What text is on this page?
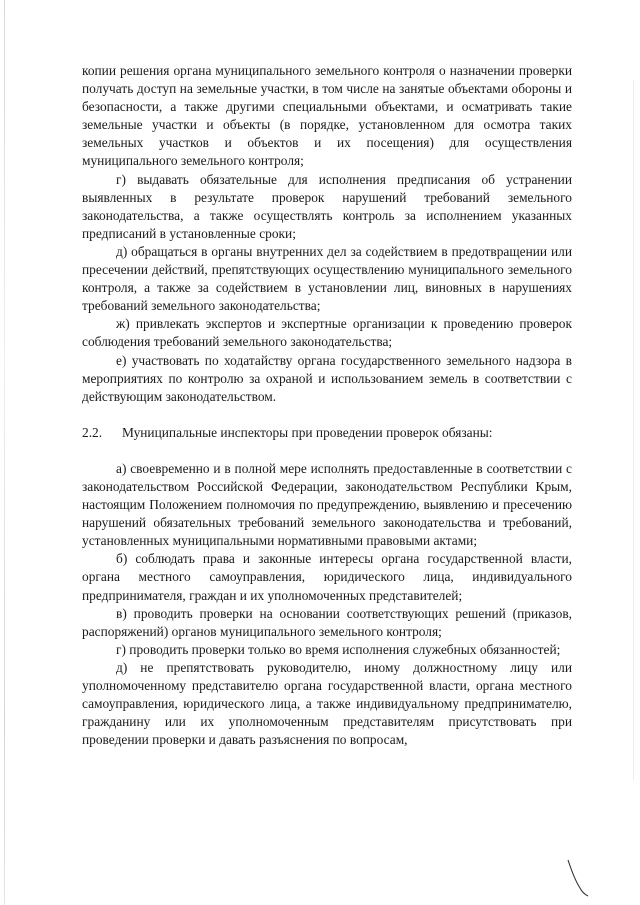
копии решения органа муниципального земельного контроля о назначении проверки получать доступ на земельные участки, в том числе на занятые объектами обороны и безопасности, а также другими специальными объектами, и осматривать такие земельные участки и объекты (в порядке, установленном для осмотра таких земельных участков и объектов и их посещения) для осуществления муниципального земельного контроля;

г) выдавать обязательные для исполнения предписания об устранении выявленных в результате проверок нарушений требований земельного законодательства, а также осуществлять контроль за исполнением указанных предписаний в установленные сроки;

д) обращаться в органы внутренних дел за содействием в предотвращении или пресечении действий, препятствующих осуществлению муниципального земельного контроля, а также за содействием в установлении лиц, виновных в нарушениях требований земельного законодательства;

ж) привлекать экспертов и экспертные организации к проведению проверок соблюдения требований земельного законодательства;

е) участвовать по ходатайству органа государственного земельного надзора в мероприятиях по контролю за охраной и использованием земель в соответствии с действующим законодательством.

2.2. Муниципальные инспекторы при проведении проверок обязаны:

а) своевременно и в полной мере исполнять предоставленные в соответствии с законодательством Российской Федерации, законодательством Республики Крым, настоящим Положением полномочия по предупреждению, выявлению и пресечению нарушений обязательных требований земельного законодательства и требований, установленных муниципальными нормативными правовыми актами;

б) соблюдать права и законные интересы органа государственной власти, органа местного самоуправления, юридического лица, индивидуального предпринимателя, граждан и их уполномоченных представителей;

в) проводить проверки на основании соответствующих решений (приказов, распоряжений) органов муниципального земельного контроля;

г) проводить проверки только во время исполнения служебных обязанностей;

д) не препятствовать руководителю, иному должностному лицу или уполномоченному представителю органа государственной власти, органа местного самоуправления, юридического лица, а также индивидуальному предпринимателю, гражданину или их уполномоченным представителям присутствовать при проведении проверки и давать разъяснения по вопросам,
